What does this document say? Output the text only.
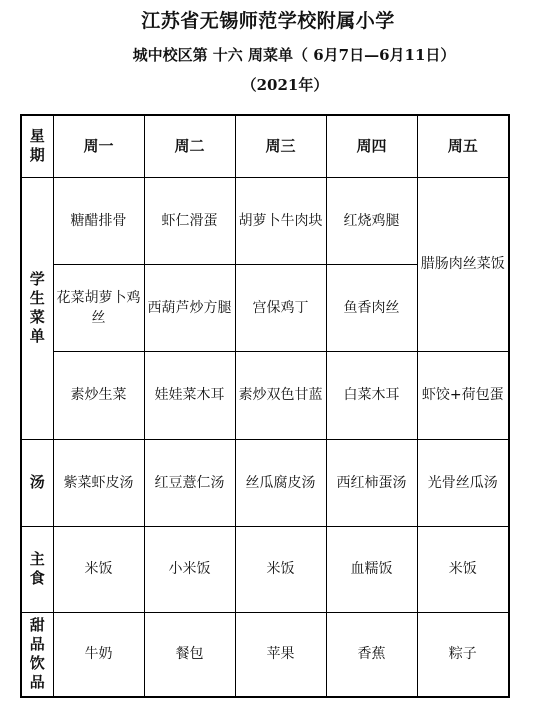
江苏省无锡师范学校附属小学
城中校区第 十六 周菜单（ 6月7日—6月11日）
（2021年）
星期	周一	周二	周三	周四	周五
学生菜单	糖醋排骨	虾仁滑蛋	胡萝卜牛肉块	红烧鸡腿	腊肠肉丝菜饭
	花菜胡萝卜鸡丝	西葫芦炒方腿	宫保鸡丁	鱼香肉丝	
	素炒生菜	娃娃菜木耳	素炒双色甘蓝	白菜木耳	虾饺+荷包蛋
汤	紫菜虾皮汤	红豆薏仁汤	丝瓜腐皮汤	西红柿蛋汤	光骨丝瓜汤
主食	米饭	小米饭	米饭	血糯饭	米饭
甜品饮品	牛奶	餐包	苹果	香蕉	粽子
